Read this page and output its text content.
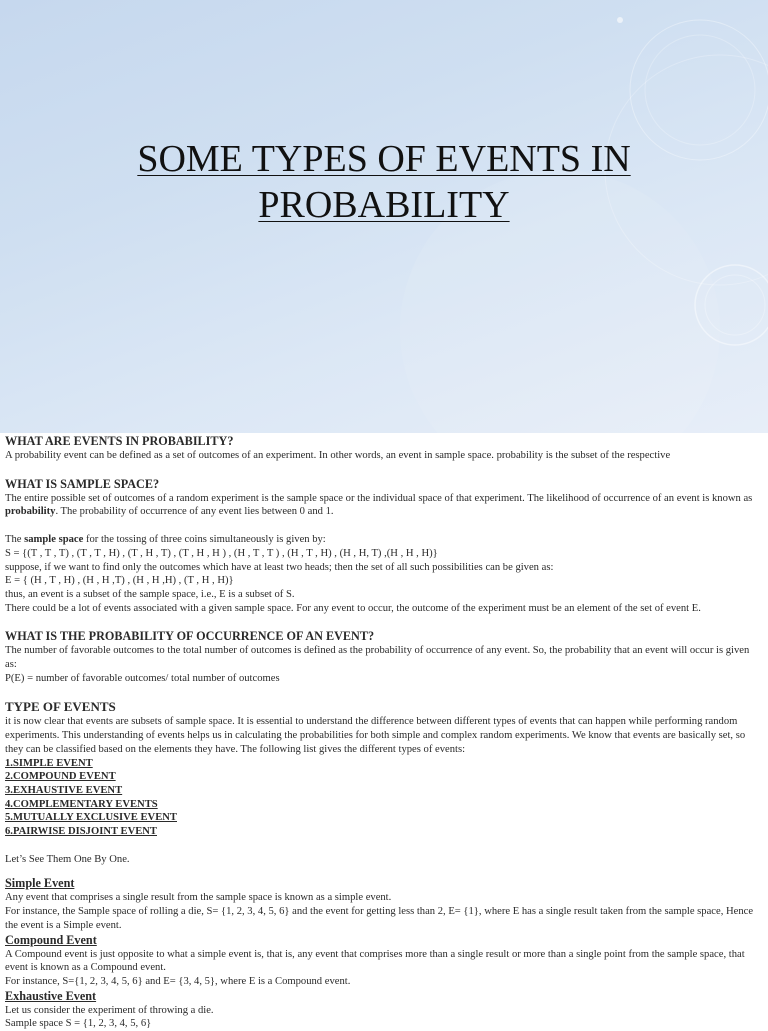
SOME TYPES OF EVENTS IN
PROBABILITY

WHAT ARE EVENTS IN PROBABILITY?

A probability event can be defined as a set of outcomes of an experiment. In other words, an event in sample space. probability is the subset of the respective

WHAT IS SAMPLE SPACE?

The entire possible set of outcomes of a random experiment is the sample space or the individual space of that experiment. The likelihood of occurrence of an event is known as probability. The probability of occurrence of any event lies between 0 and 1.

The sample space for the tossing of three coins simultaneously is given by:

S = {(T , T , T) , (T , T , H) , (T , H , T) , (T , H , H ) , (H , T , T ) , (H , T , H) , (H , H, T) ,(H , H , H)}

suppose, if we want to find only the outcomes which have at least two heads; then the set of all such possibilities can be given as:

E = { (H , T , H) , (H , H ,T) , (H , H ,H) , (T , H , H)}

thus, an event is a subset of the sample space, i.e., E is a subset of S.

There could be a lot of events associated with a given sample space. For any event to occur, the outcome of the experiment must be an element of the set of event E.

WHAT IS THE PROBABILITY OF OCCURRENCE OF AN EVENT?

The number of favorable outcomes to the total number of outcomes is defined as the probability of occurrence of any event. So, the probability that an event will occur is given as:

P(E) = number of favorable outcomes/ total number of outcomes

TYPE OF EVENTS

it is now clear that events are subsets of sample space. It is essential to understand the difference between different types of events that can happen while performing random experiments. This understanding of events helps us in calculating the probabilities for both simple and complex random experiments. We know that events are basically set, so they can be classified based on the elements they have. The following list gives the different types of events:

1.SIMPLE EVENT

2.COMPOUND EVENT

3.EXHAUSTIVE EVENT

4.COMPLEMENTARY EVENTS

5.MUTUALLY EXCLUSIVE EVENT

6.PAIRWISE DISJOINT EVENT

Let’s See Them One By One.

Simple Event

Any event that comprises a single result from the sample space is known as a simple event.

For instance, the Sample space of rolling a die, S= {1, 2, 3, 4, 5, 6} and the event for getting less than 2, E= {1}, where E has a single result taken from the sample space, Hence the event is a Simple event.

Compound Event

A Compound event is just opposite to what a simple event is, that is, any event that comprises more than a single result or more than a single point from the sample space, that event is known as a Compound event.

For instance, S={1, 2, 3, 4, 5, 6} and E= {3, 4, 5}, where E is a Compound event.

Exhaustive Event

Let us consider the experiment of throwing a die.

Sample space S = {1, 2, 3, 4, 5, 6}
